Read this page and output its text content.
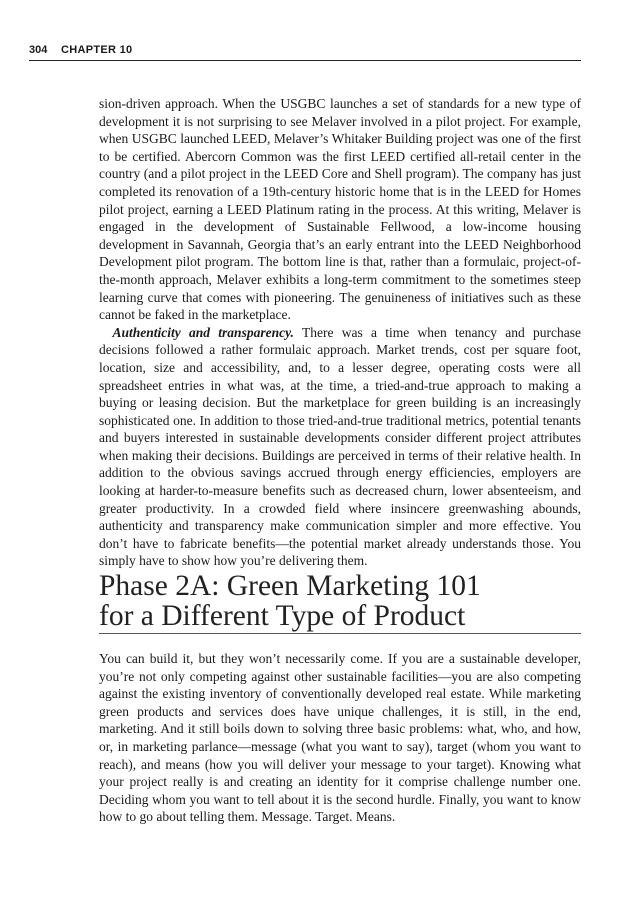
304 CHAPTER 10

sion-driven approach. When the USGBC launches a set of standards for a new type of development it is not surprising to see Melaver involved in a pilot project. For example, when USGBC launched LEED, Melaver’s Whitaker Building project was one of the first to be certified. Abercorn Common was the first LEED certified all-retail center in the country (and a pilot project in the LEED Core and Shell program). The company has just completed its renovation of a 19th-century historic home that is in the LEED for Homes pilot project, earning a LEED Platinum rating in the process. At this writing, Melaver is engaged in the development of Sustainable Fellwood, a low-income housing development in Savannah, Georgia that’s an early entrant into the LEED Neighborhood Development pilot program. The bottom line is that, rather than a formulaic, project-of-the-month approach, Melaver exhibits a long-term commitment to the sometimes steep learning curve that comes with pioneering. The genuineness of initiatives such as these cannot be faked in the marketplace.

Authenticity and transparency. There was a time when tenancy and purchase decisions followed a rather formulaic approach. Market trends, cost per square foot, location, size and accessibility, and, to a lesser degree, operating costs were all spreadsheet entries in what was, at the time, a tried-and-true approach to making a buying or leasing decision. But the marketplace for green building is an increasingly sophisticated one. In addition to those tried-and-true traditional metrics, potential tenants and buyers interested in sustainable developments consider different project attributes when making their decisions. Buildings are perceived in terms of their relative health. In addition to the obvious savings accrued through energy efficiencies, employers are looking at harder-to-measure benefits such as decreased churn, lower absenteeism, and greater productivity. In a crowded field where insincere greenwashing abounds, authenticity and transparency make communication simpler and more effective. You don’t have to fabricate benefits—the potential market already understands those. You simply have to show how you’re delivering them.

Phase 2A: Green Marketing 101
for a Different Type of Product

You can build it, but they won’t necessarily come. If you are a sustainable developer, you’re not only competing against other sustainable facilities—you are also competing against the existing inventory of conventionally developed real estate. While marketing green products and services does have unique challenges, it is still, in the end, marketing. And it still boils down to solving three basic problems: what, who, and how, or, in marketing parlance—message (what you want to say), target (whom you want to reach), and means (how you will deliver your message to your target). Knowing what your project really is and creating an identity for it comprise challenge number one. Deciding whom you want to tell about it is the second hurdle. Finally, you want to know how to go about telling them. Message. Target. Means.
